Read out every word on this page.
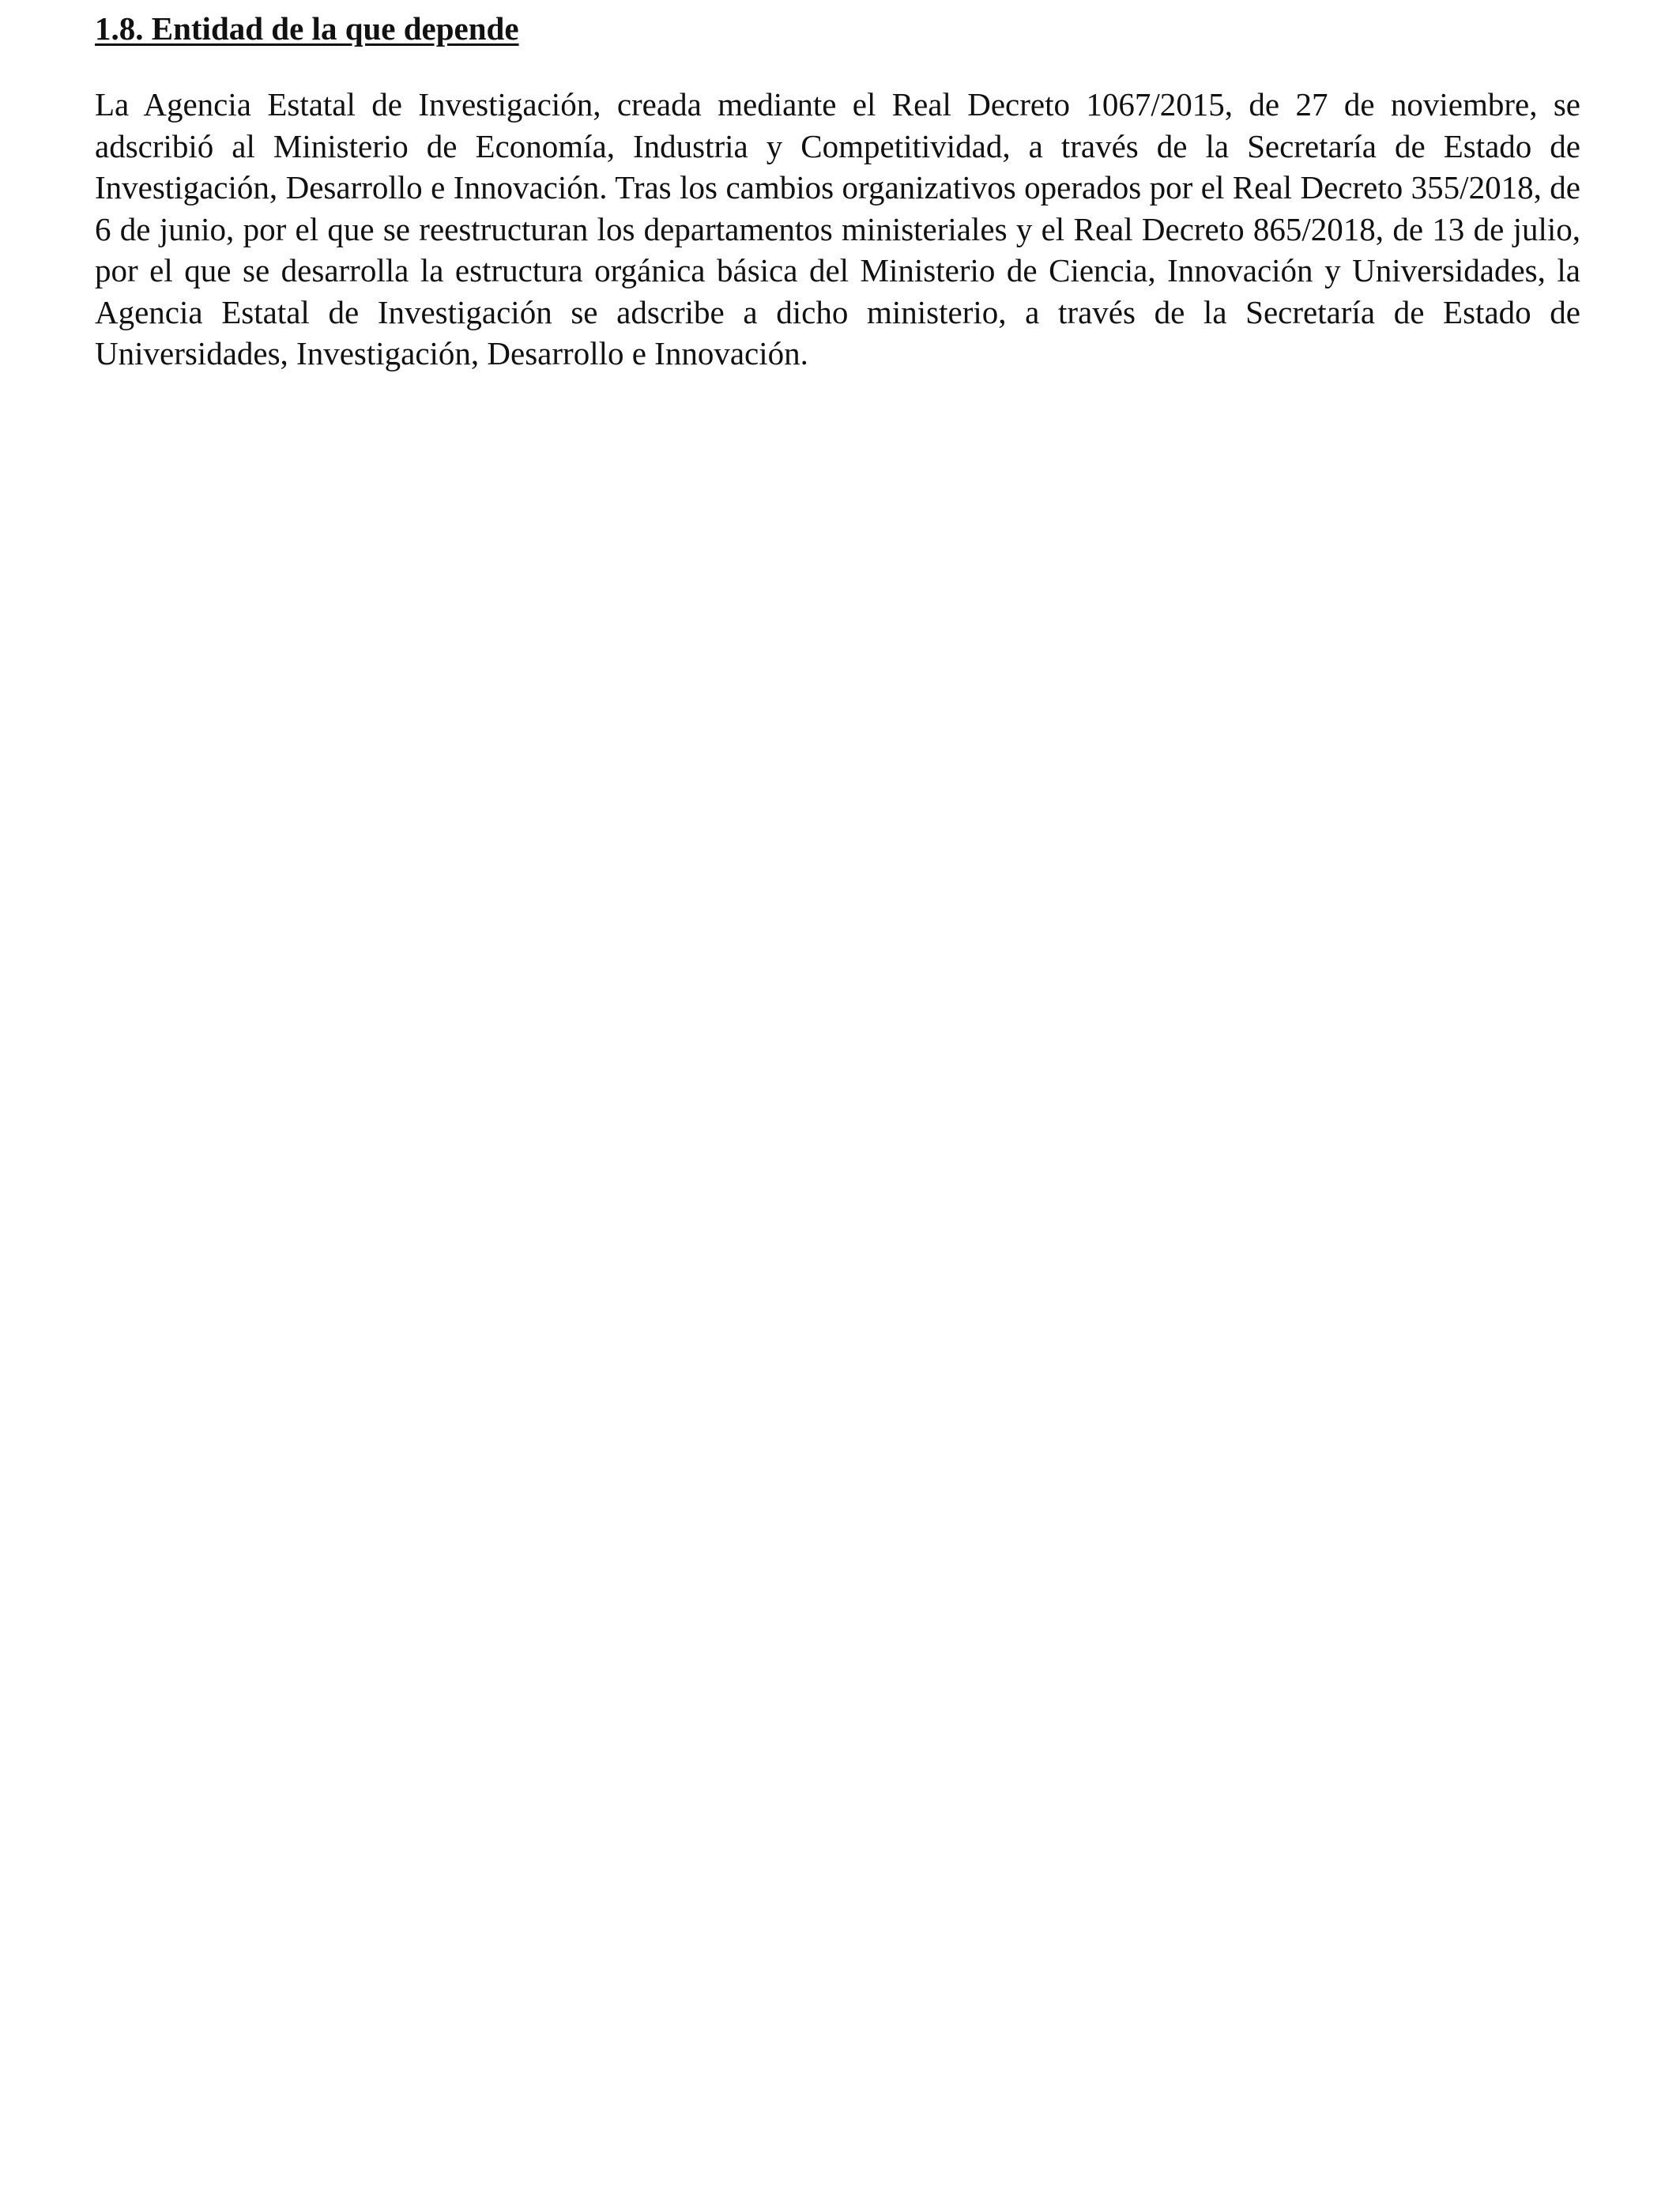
1.8. Entidad de la que depende

La Agencia Estatal de Investigación, creada mediante el Real Decreto 1067/2015, de 27 de noviembre, se adscribió al Ministerio de Economía, Industria y Competitividad, a través de la Secretaría de Estado de Investigación, Desarrollo e Innovación. Tras los cambios organizativos operados por el Real Decreto 355/2018, de 6 de junio, por el que se reestructuran los departamentos ministeriales y el Real Decreto 865/2018, de 13 de julio, por el que se desarrolla la estructura orgánica básica del Ministerio de Ciencia, Innovación y Universidades, la Agencia Estatal de Investigación se adscribe a dicho ministerio, a través de la Secretaría de Estado de Universidades, Investigación, Desarrollo e Innovación.
